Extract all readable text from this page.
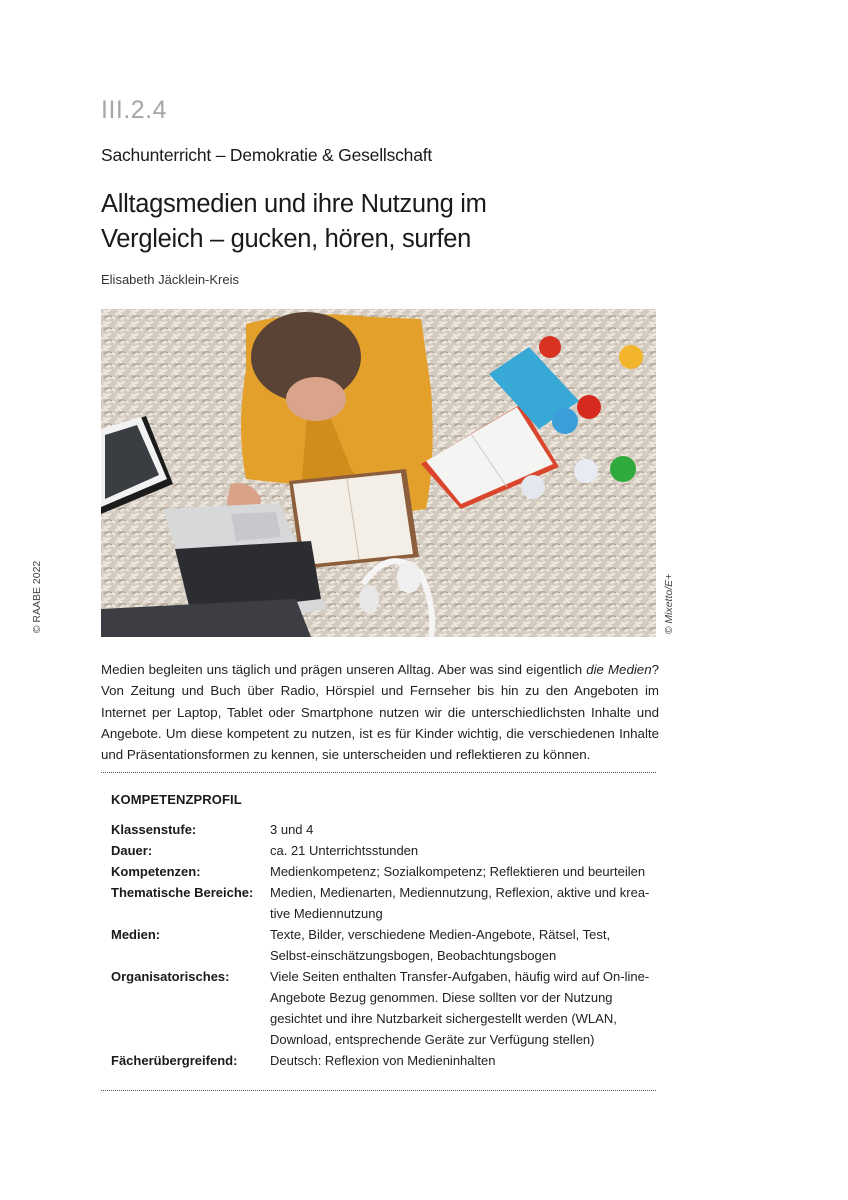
III.2.4
Sachunterricht – Demokratie & Gesellschaft
Alltagsmedien und ihre Nutzung im
Vergleich – gucken, hören, surfen
Elisabeth Jäcklein-Kreis
© RAABE 2022	© Mixetto/E+
Medien begleiten uns täglich und prägen unseren Alltag. Aber was sind eigentlich die Medien? Von Zeitung und Buch über Radio, Hörspiel und Fernseher bis hin zu den Angeboten im Internet per Laptop, Tablet oder Smartphone nutzen wir die unterschiedlichsten Inhalte und Angebote. Um diese kompetent zu nutzen, ist es für Kinder wichtig, die verschiedenen Inhalte und Präsentationsformen zu kennen, sie unterscheiden und reflektieren zu können.
KOMPETENZPROFIL
Klassenstufe:	3 und 4
Dauer:	ca. 21 Unterrichtsstunden
Kompetenzen:	Medienkompetenz; Sozialkompetenz; Reflektieren und beurteilen
Thematische Bereiche:	Medien, Medienarten, Mediennutzung, Reflexion, aktive und krea-tive Mediennutzung
Medien:	Texte, Bilder, verschiedene Medien-Angebote, Rätsel, Test, Selbst-einschätzungsbogen, Beobachtungsbogen
Organisatorisches:	Viele Seiten enthalten Transfer-Aufgaben, häufig wird auf On-line-Angebote Bezug genommen. Diese sollten vor der Nutzung gesichtet und ihre Nutzbarkeit sichergestellt werden (WLAN, Download, entsprechende Geräte zur Verfügung stellen)
Fächerübergreifend:	Deutsch: Reflexion von Medieninhalten
